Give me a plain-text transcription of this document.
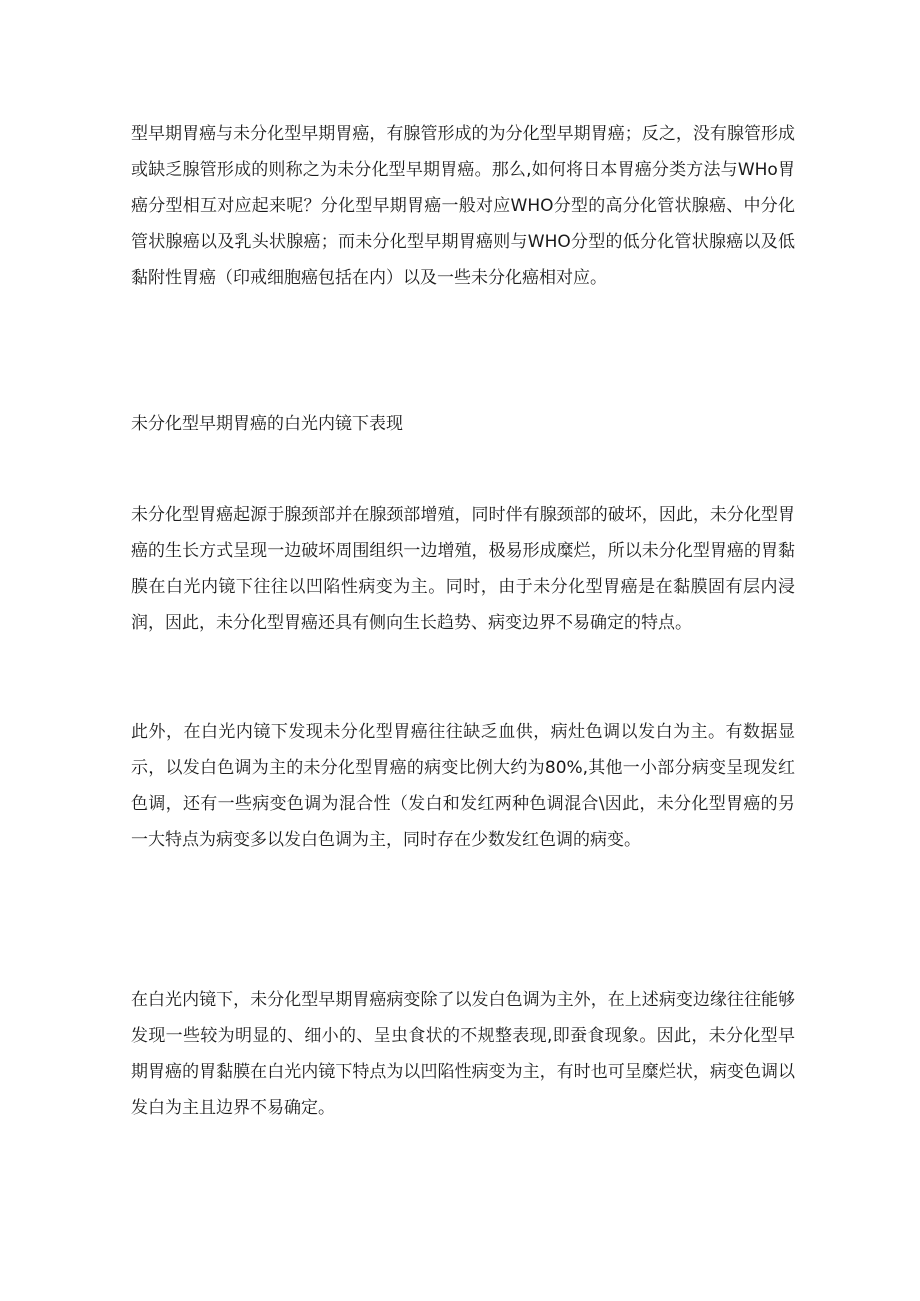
型早期胃癌与未分化型早期胃癌，有腺管形成的为分化型早期胃癌；反之，没有腺管形成或缺乏腺管形成的则称之为未分化型早期胃癌。那么,如何将日本胃癌分类方法与WHo胃癌分型相互对应起来呢？分化型早期胃癌一般对应WHO分型的高分化管状腺癌、中分化管状腺癌以及乳头状腺癌；而未分化型早期胃癌则与WHO分型的低分化管状腺癌以及低黏附性胃癌（印戒细胞癌包括在内）以及一些未分化癌相对应。

未分化型早期胃癌的白光内镜下表现

未分化型胃癌起源于腺颈部并在腺颈部增殖，同时伴有腺颈部的破坏，因此，未分化型胃癌的生长方式呈现一边破坏周围组织一边增殖，极易形成糜烂，所以未分化型胃癌的胃黏膜在白光内镜下往往以凹陷性病变为主。同时，由于未分化型胃癌是在黏膜固有层内浸润，因此，未分化型胃癌还具有侧向生长趋势、病变边界不易确定的特点。

此外，在白光内镜下发现未分化型胃癌往往缺乏血供，病灶色调以发白为主。有数据显示，以发白色调为主的未分化型胃癌的病变比例大约为80%,其他一小部分病变呈现发红色调，还有一些病变色调为混合性（发白和发红两种色调混合\因此，未分化型胃癌的另一大特点为病变多以发白色调为主，同时存在少数发红色调的病变。

在白光内镜下，未分化型早期胃癌病变除了以发白色调为主外，在上述病变边缘往往能够发现一些较为明显的、细小的、呈虫食状的不规整表现,即蚕食现象。因此，未分化型早期胃癌的胃黏膜在白光内镜下特点为以凹陷性病变为主，有时也可呈糜烂状，病变色调以发白为主且边界不易确定。
